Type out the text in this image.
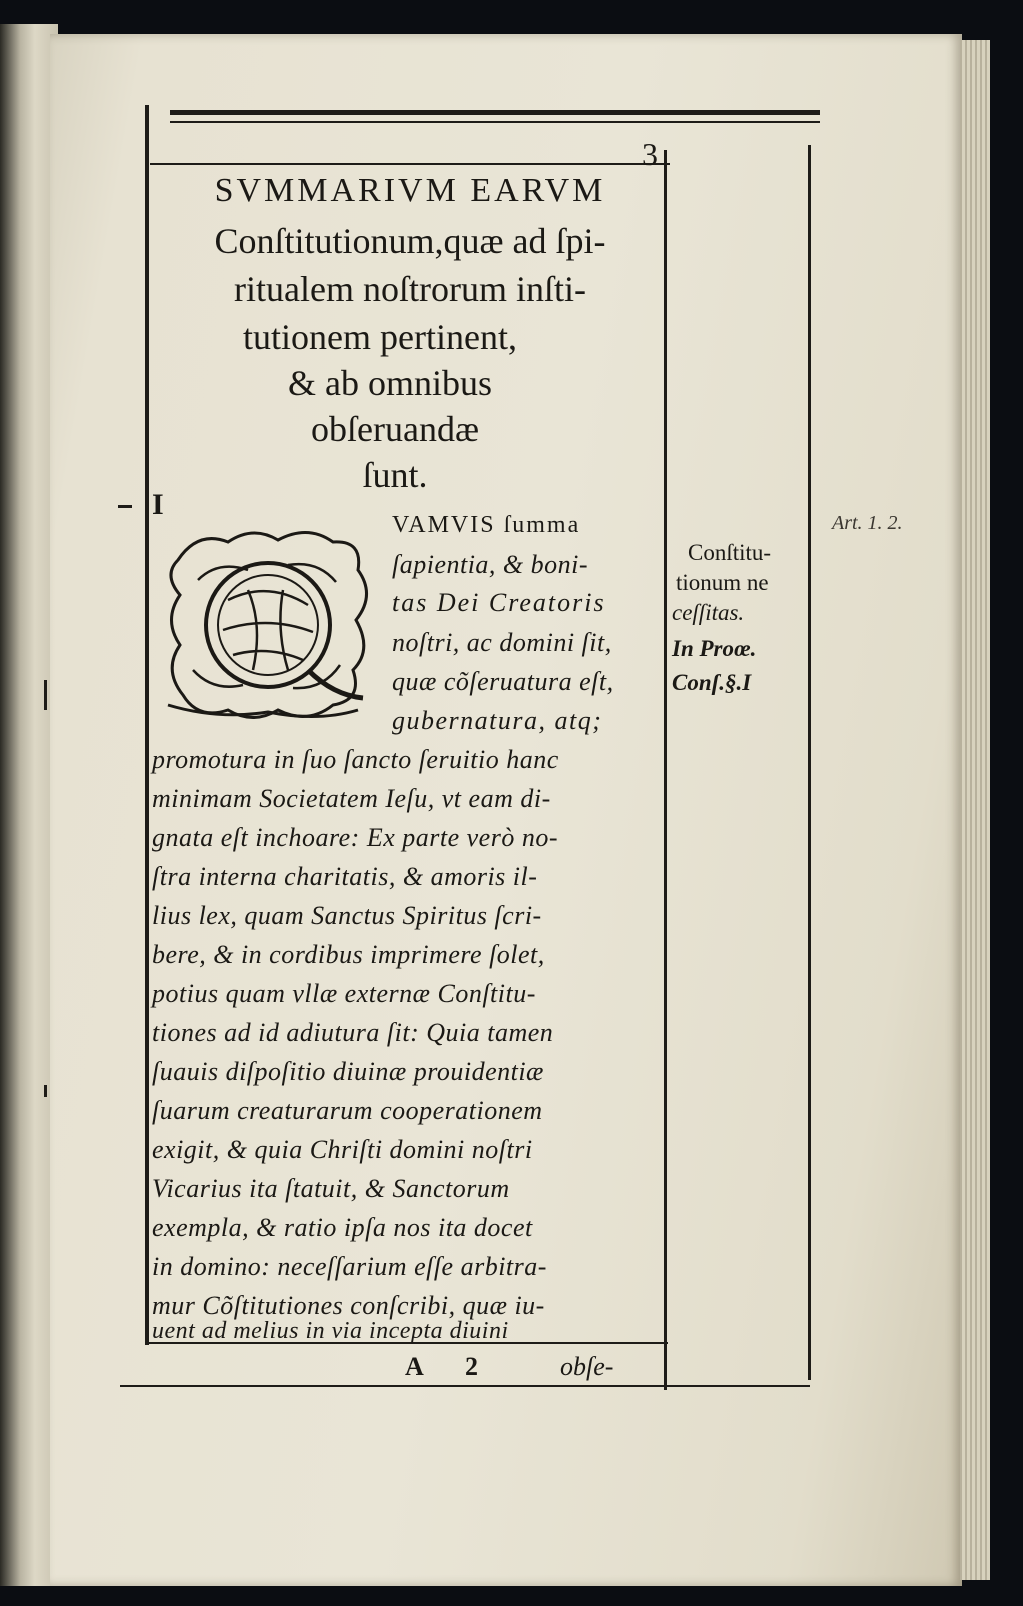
3
SVMMARIVM EARVM
Conſtitutionum,quæ ad ſpi-
ritualem noſtrorum inſti-
tutionem pertinent,
& ab omnibus
obſeruandæ
ſunt.
I
VAMVIS ſumma
ſapientia, & boni-
tas Dei Creatoris
noſtri, ac domini ſit,
quæ cõſeruatura eſt,
gubernatura, atq;
promotura in ſuo ſancto ſeruitio hanc
minimam Societatem Ieſu, vt eam di-
gnata eſt inchoare: Ex parte verò no-
ſtra interna charitatis, & amoris il-
lius lex, quam Sanctus Spiritus ſcri-
bere, & in cordibus imprimere ſolet,
potius quam vllæ externæ Conſtitu-
tiones ad id adiutura ſit: Quia tamen
ſuauis diſpoſitio diuinæ prouidentiæ
ſuarum creaturarum cooperationem
exigit, & quia Chriſti domini noſtri
Vicarius ita ſtatuit, & Sanctorum
exempla, & ratio ipſa nos ita docet
in domino: neceſſarium eſſe arbitra-
mur Cõſtitutiones conſcribi, quæ iu-
uent ad melius in via incepta diuini
Conſtitu-
tionum ne
ceſſitas.
In Proœ.
Conſ.§.I
Art. 1. 2.
A 2	obſe-
